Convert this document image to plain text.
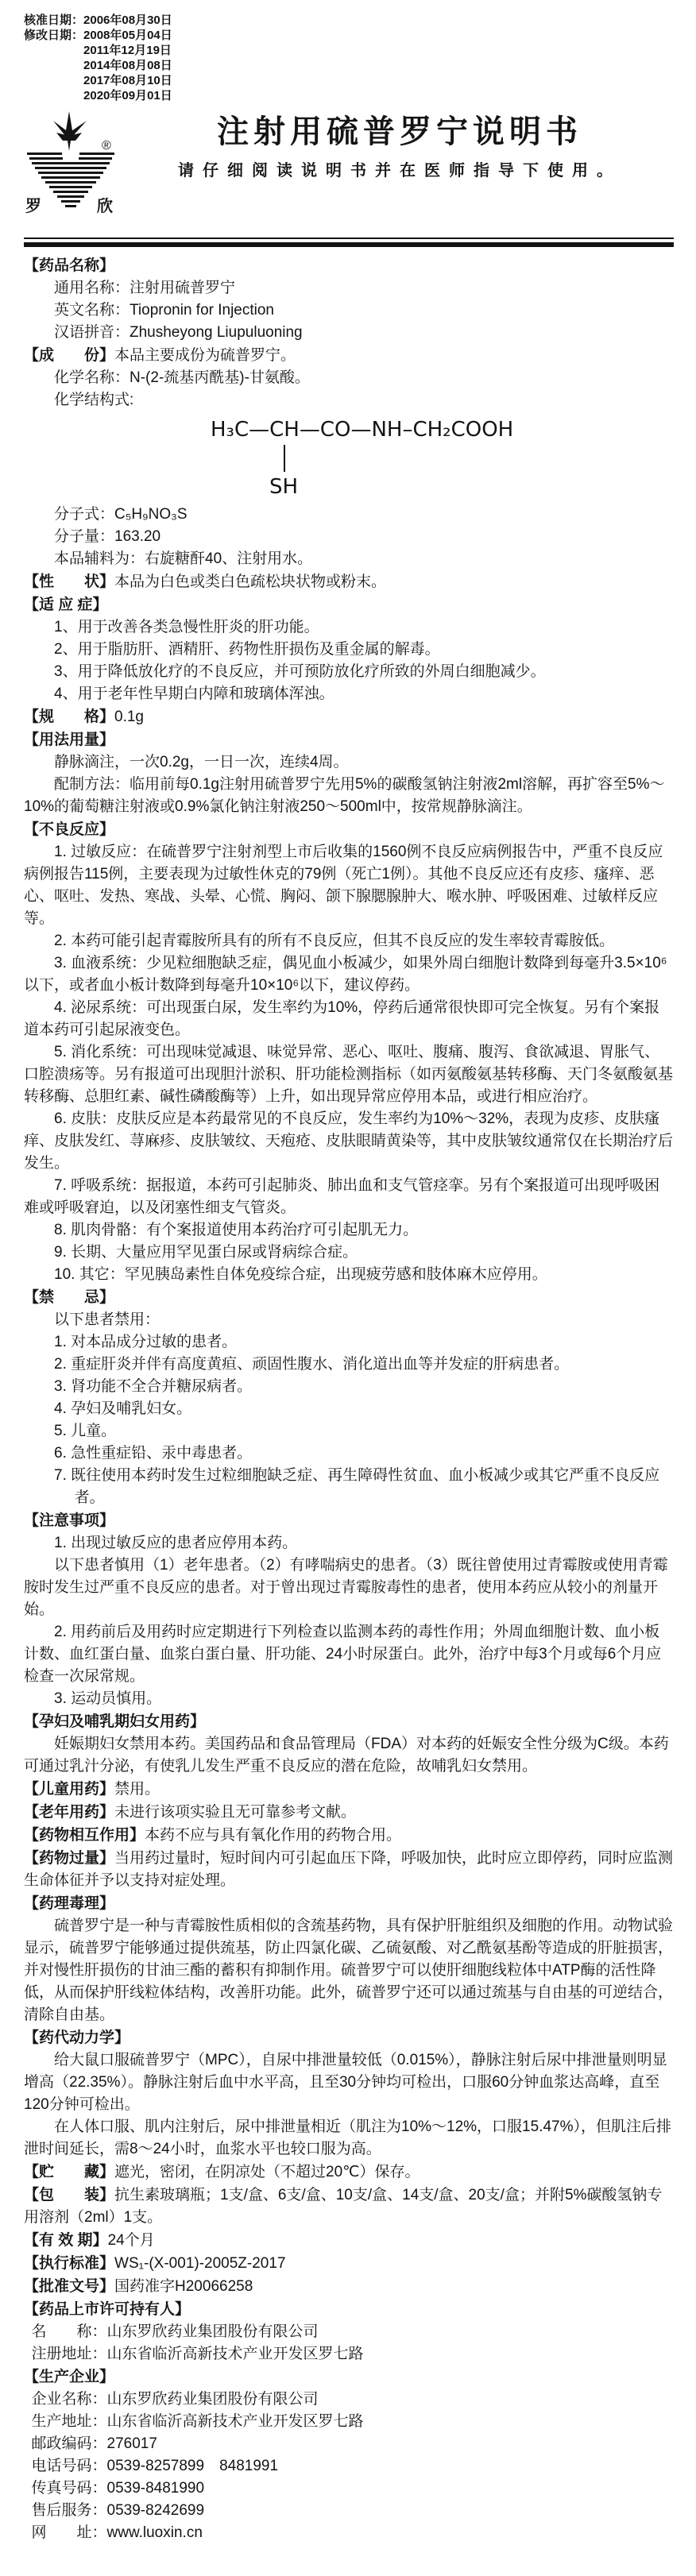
核准日期： 2006年08月30日
修改日期： 2008年05月04日
2011年12月19日
2014年08月08日
2017年08月10日
2020年09月01日
®
罗	欣
注射用硫普罗宁说明书

请仔细阅读说明书并在医师指导下使用。

【药品名称】

通用名称：注射用硫普罗宁

英文名称：Tiopronin for Injection

汉语拼音：Zhusheyong Liupuluoning

【成　　份】本品主要成份为硫普罗宁。

化学名称：N-(2-巯基丙酰基)-甘氨酸。

化学结构式:

H₃C—CH—CO—NH–CH₂COOH
SH

分子式：C₅H₉NO₃S

分子量：163.20

本品辅料为：右旋糖酐40、注射用水。

【性　　状】本品为白色或类白色疏松块状物或粉末。

【适 应 症】

1、用于改善各类急慢性肝炎的肝功能。

2、用于脂肪肝、酒精肝、药物性肝损伤及重金属的解毒。

3、用于降低放化疗的不良反应，并可预防放化疗所致的外周白细胞减少。

4、用于老年性早期白内障和玻璃体浑浊。

【规　　格】0.1g

【用法用量】

静脉滴注，一次0.2g，一日一次，连续4周。

配制方法：临用前每0.1g注射用硫普罗宁先用5%的碳酸氢钠注射液2ml溶解，再扩容至5%～10%的葡萄糖注射液或0.9%氯化钠注射液250～500ml中，按常规静脉滴注。

【不良反应】

1. 过敏反应：在硫普罗宁注射剂型上市后收集的1560例不良反应病例报告中，严重不良反应病例报告115例，主要表现为过敏性休克的79例（死亡1例）。其他不良反应还有皮疹、瘙痒、恶心、呕吐、发热、寒战、头晕、心慌、胸闷、颌下腺腮腺肿大、喉水肿、呼吸困难、过敏样反应等。

2. 本药可能引起青霉胺所具有的所有不良反应，但其不良反应的发生率较青霉胺低。

3. 血液系统：少见粒细胞缺乏症，偶见血小板减少，如果外周白细胞计数降到每毫升3.5×10⁶以下，或者血小板计数降到每毫升10×10⁶以下，建议停药。

4. 泌尿系统：可出现蛋白尿，发生率约为10%，停药后通常很快即可完全恢复。另有个案报道本药可引起尿液变色。

5. 消化系统：可出现味觉减退、味觉异常、恶心、呕吐、腹痛、腹泻、食欲减退、胃胀气、口腔溃疡等。另有报道可出现胆汁淤积、肝功能检测指标（如丙氨酸氨基转移酶、天门冬氨酸氨基转移酶、总胆红素、碱性磷酸酶等）上升，如出现异常应停用本品，或进行相应治疗。

6. 皮肤：皮肤反应是本药最常见的不良反应，发生率约为10%～32%，表现为皮疹、皮肤瘙痒、皮肤发红、荨麻疹、皮肤皱纹、天疱疮、皮肤眼睛黄染等，其中皮肤皱纹通常仅在长期治疗后发生。

7. 呼吸系统：据报道，本药可引起肺炎、肺出血和支气管痉挛。另有个案报道可出现呼吸困难或呼吸窘迫，以及闭塞性细支气管炎。

8. 肌肉骨骼：有个案报道使用本药治疗可引起肌无力。

9. 长期、大量应用罕见蛋白尿或肾病综合症。

10. 其它：罕见胰岛素性自体免疫综合症，出现疲劳感和肢体麻木应停用。

【禁　　忌】

以下患者禁用：

1. 对本品成分过敏的患者。

2. 重症肝炎并伴有高度黄疸、顽固性腹水、消化道出血等并发症的肝病患者。

3. 肾功能不全合并糖尿病者。

4. 孕妇及哺乳妇女。

5. 儿童。

6. 急性重症铅、汞中毒患者。

7. 既往使用本药时发生过粒细胞缺乏症、再生障碍性贫血、血小板减少或其它严重不良反应者。

【注意事项】

1. 出现过敏反应的患者应停用本药。

以下患者慎用（1）老年患者。（2）有哮喘病史的患者。（3）既往曾使用过青霉胺或使用青霉胺时发生过严重不良反应的患者。对于曾出现过青霉胺毒性的患者，使用本药应从较小的剂量开始。

2. 用药前后及用药时应定期进行下列检查以监测本药的毒性作用；外周血细胞计数、血小板计数、血红蛋白量、血浆白蛋白量、肝功能、24小时尿蛋白。此外，治疗中每3个月或每6个月应检查一次尿常规。

3. 运动员慎用。

【孕妇及哺乳期妇女用药】

妊娠期妇女禁用本药。美国药品和食品管理局（FDA）对本药的妊娠安全性分级为C级。本药可通过乳汁分泌，有使乳儿发生严重不良反应的潜在危险，故哺乳妇女禁用。

【儿童用药】禁用。

【老年用药】未进行该项实验且无可靠参考文献。

【药物相互作用】本药不应与具有氧化作用的药物合用。

【药物过量】当用药过量时，短时间内可引起血压下降，呼吸加快，此时应立即停药，同时应监测生命体征并予以支持对症处理。

【药理毒理】

硫普罗宁是一种与青霉胺性质相似的含巯基药物，具有保护肝脏组织及细胞的作用。动物试验显示，硫普罗宁能够通过提供巯基，防止四氯化碳、乙硫氨酸、对乙酰氨基酚等造成的肝脏损害，并对慢性肝损伤的甘油三酯的蓄积有抑制作用。硫普罗宁可以使肝细胞线粒体中ATP酶的活性降低，从而保护肝线粒体结构，改善肝功能。此外，硫普罗宁还可以通过巯基与自由基的可逆结合，清除自由基。

【药代动力学】

给大鼠口服硫普罗宁（MPC），自尿中排泄量较低（0.015%），静脉注射后尿中排泄量则明显增高（22.35%）。静脉注射后血中水平高，且至30分钟均可检出，口服60分钟血浆达高峰，直至120分钟可检出。

在人体口服、肌内注射后，尿中排泄量相近（肌注为10%～12%，口服15.47%），但肌注后排泄时间延长，需8～24小时，血浆水平也较口服为高。

【贮　　藏】遮光，密闭，在阴凉处（不超过20℃）保存。

【包　　装】抗生素玻璃瓶；1支/盒、6支/盒、10支/盒、14支/盒、20支/盒；并附5%碳酸氢钠专用溶剂（2ml）1支。

【有 效 期】24个月

【执行标准】WS₁-(X-001)-2005Z-2017

【批准文号】国药准字H20066258

【药品上市许可持有人】

名　　称：山东罗欣药业集团股份有限公司

注册地址：山东省临沂高新技术产业开发区罗七路

【生产企业】

企业名称：山东罗欣药业集团股份有限公司

生产地址：山东省临沂高新技术产业开发区罗七路

邮政编码：276017

电话号码：0539-8257899　8481991

传真号码：0539-8481990

售后服务：0539-8242699

网　　址：www.luoxin.cn
